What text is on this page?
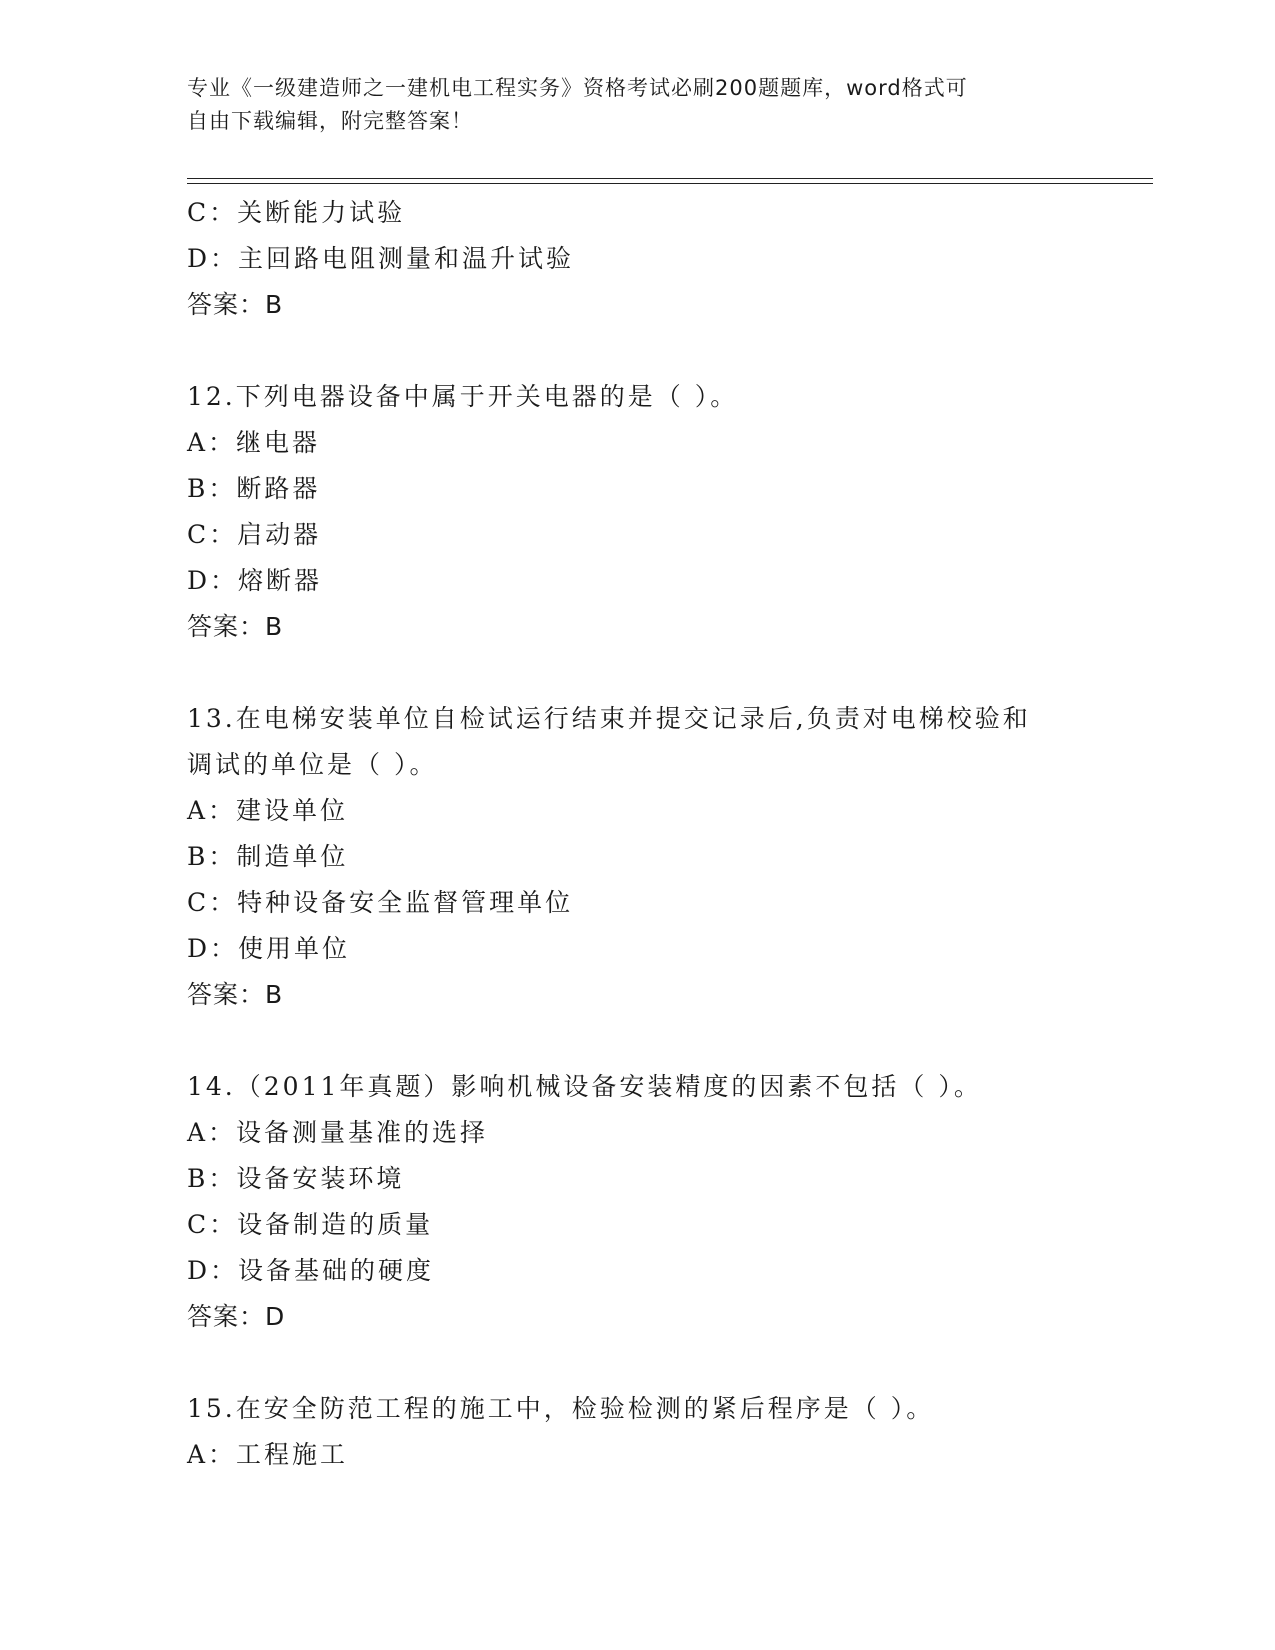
专业《一级建造师之一建机电工程实务》资格考试必刷200题题库，word格式可
自由下载编辑，附完整答案！
C：关断能力试验
D：主回路电阻测量和温升试验
答案：B
12.下列电器设备中属于开关电器的是（ ）。
A：继电器
B：断路器
C：启动器
D：熔断器
答案：B
13.在电梯安装单位自检试运行结束并提交记录后,负责对电梯校验和
调试的单位是（ ）。
A：建设单位
B：制造单位
C：特种设备安全监督管理单位
D：使用单位
答案：B
14.（2011年真题）影响机械设备安装精度的因素不包括（ ）。
A：设备测量基准的选择
B：设备安装环境
C：设备制造的质量
D：设备基础的硬度
答案：D
15.在安全防范工程的施工中，检验检测的紧后程序是（ ）。
A：工程施工
